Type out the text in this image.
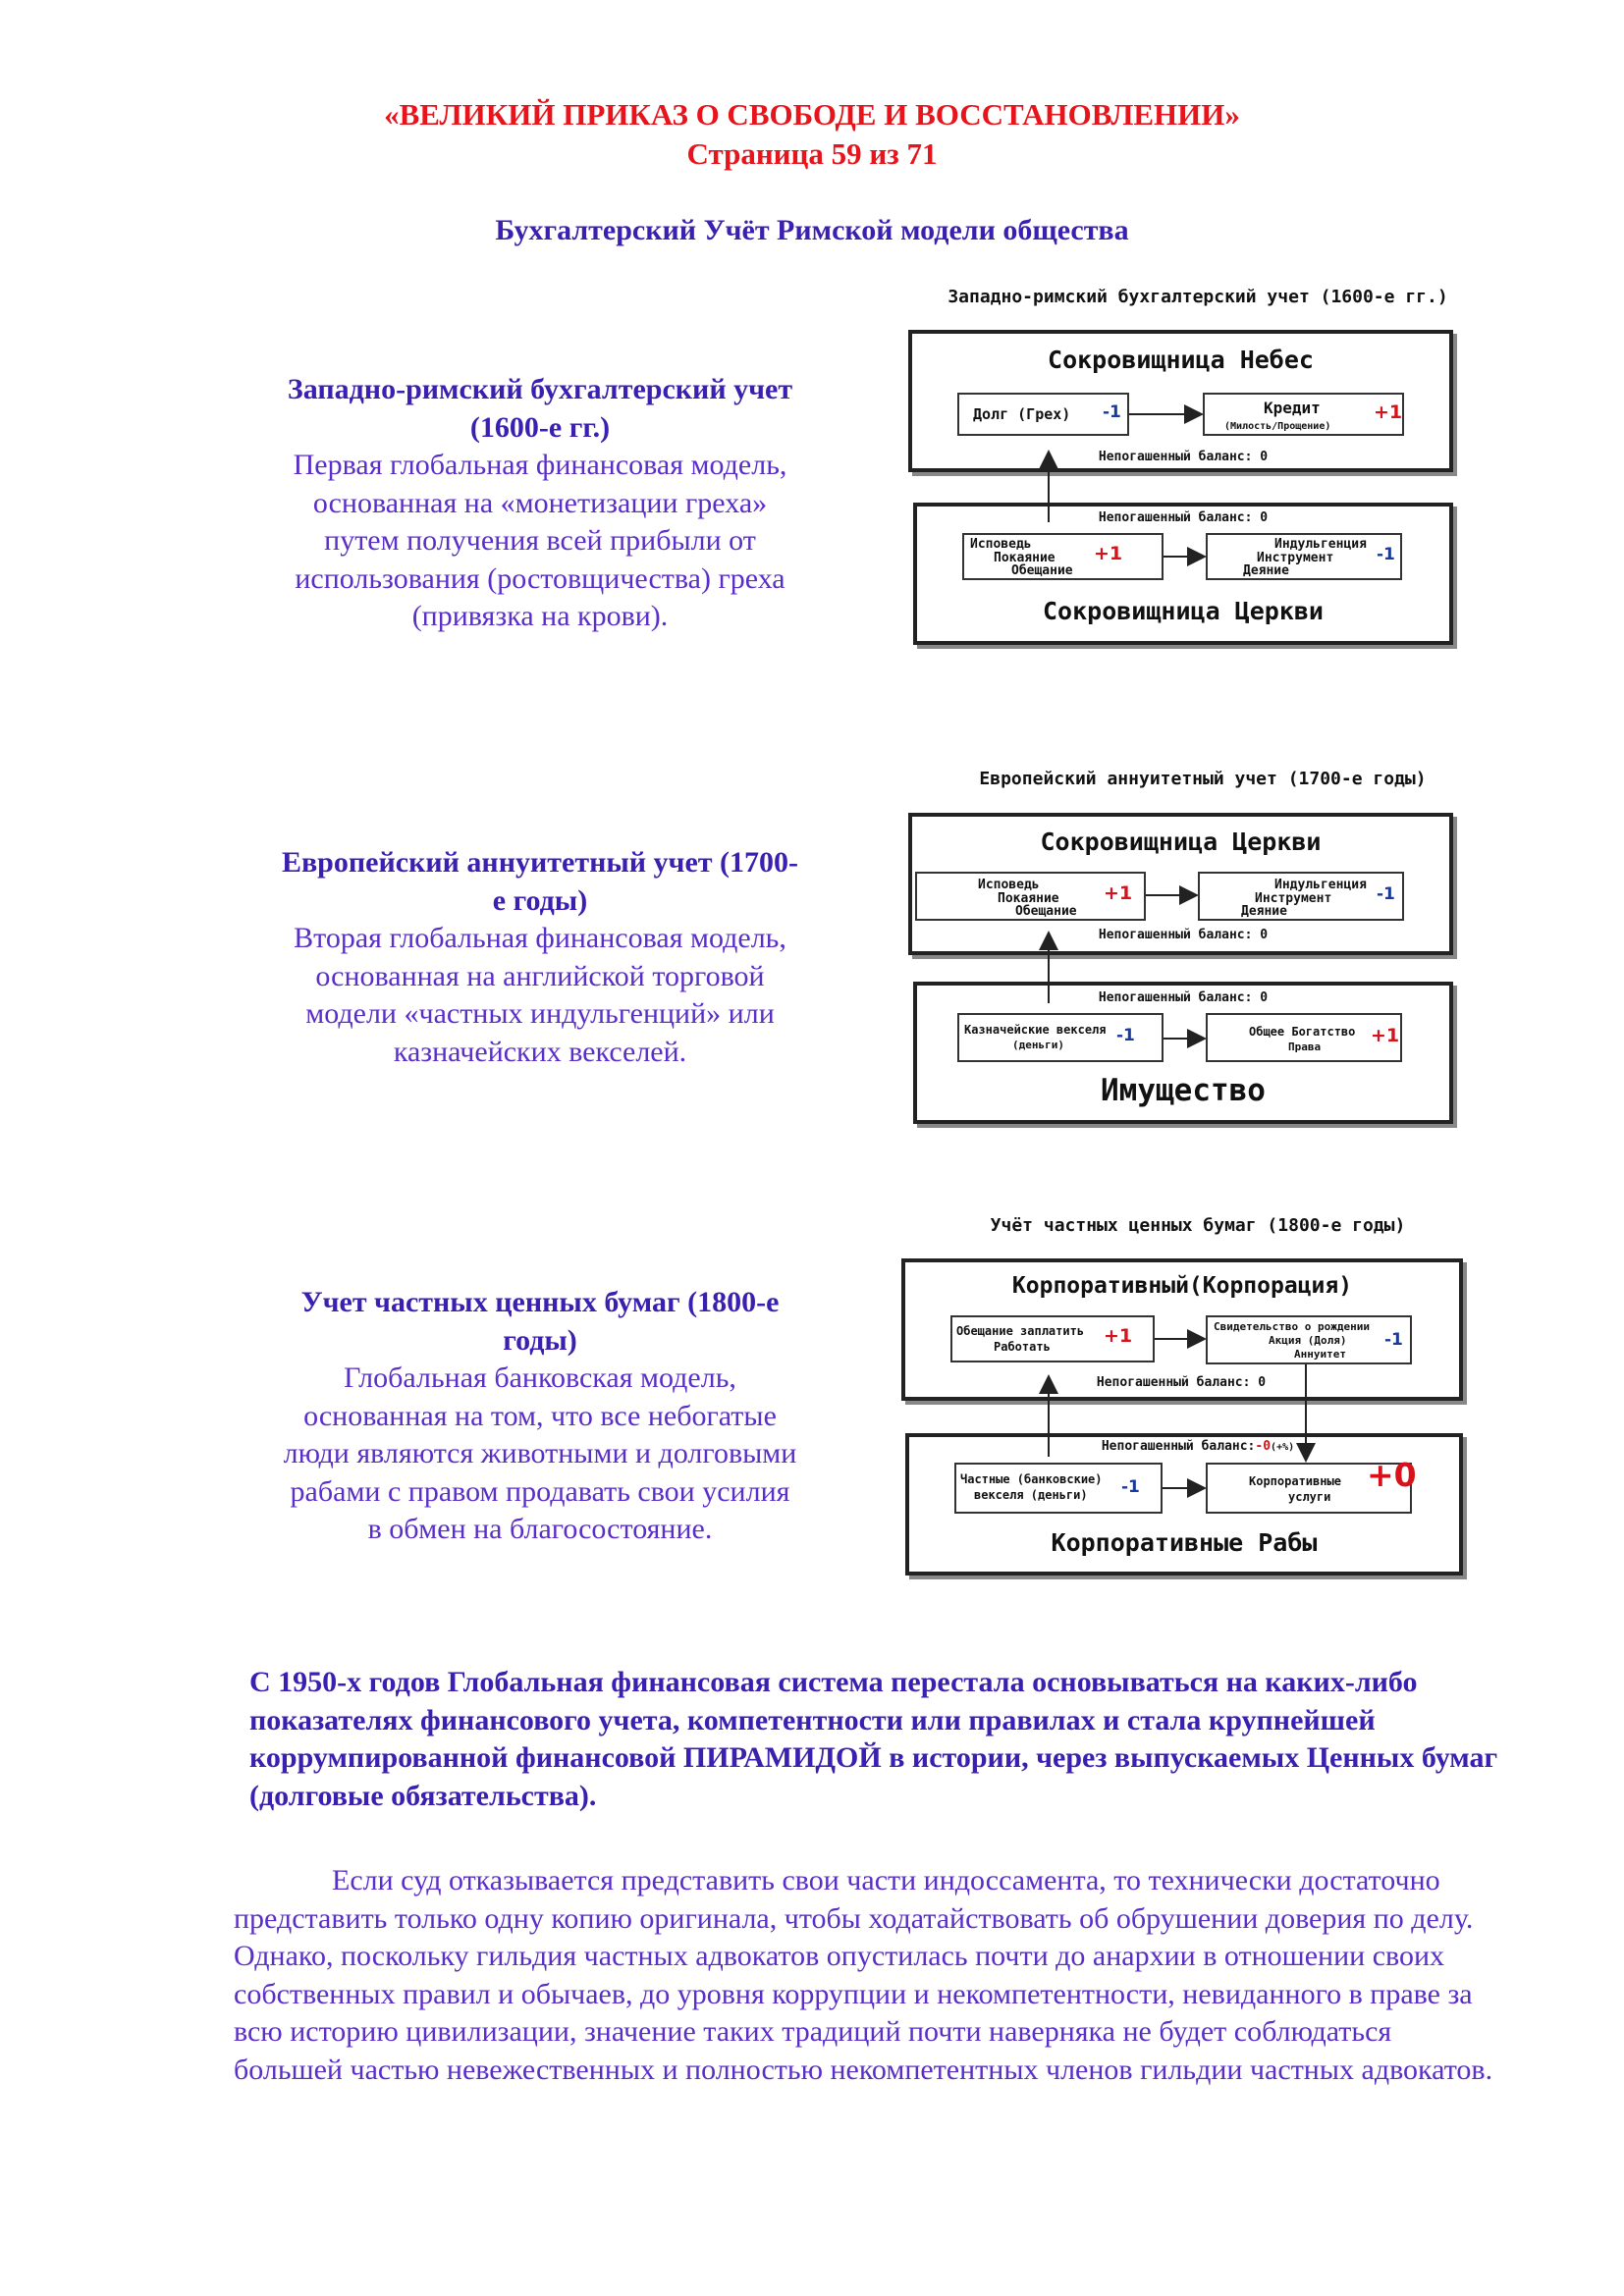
«ВЕЛИКИЙ ПРИКАЗ О СВОБОДЕ И ВОССТАНОВЛЕНИИ»
Страница 59 из 71
Бухгалтерский Учёт Римской модели общества
Западно-римский бухгалтерский учет
(1600-е гг.)
Первая глобальная финансовая модель,
основанная на «монетизации греха»
путем получения всей прибыли от
использования (ростовщичества) греха
(привязка на крови).
Западно-римский бухгалтерский учет (1600-е гг.)
Сокровищница Небес
Долг (Грех) -1	Кредит
(Милость/Прощение)
+1
Непогашенный баланс: 0
Непогашенный баланс: 0
Исповедь
Покаяние
Обещание
+1	Индульгенция
Инструмент
Деяние
-1
Сокровищница Церкви
Европейский аннуитетный учет (1700-
е годы)
Вторая глобальная финансовая модель,
основанная на английской торговой
модели «частных индульгенций» или
казначейских векселей.
Европейский аннуитетный учет (1700-е годы)
Сокровищница Церкви
Исповедь
Покаяние
Обещание
+1	Индульгенция
Инструмент
Деяние
-1
Непогашенный баланс: 0
Непогашенный баланс: 0
Казначейские векселя
(деньги)	-1	Общее Богатство
Права
+1
Имущество
Учет частных ценных бумаг (1800-е
годы)
Глобальная банковская модель,
основанная на том, что все небогатые
люди являются животными и долговыми
рабами с правом продавать свои усилия
в обмен на благосостояние.
Учёт частных ценных бумаг (1800-е годы)
Корпоративный(Корпорация)
Обещание заплатить
Работать	+1	Свидетельство о рождении
Акция (Доля)
Аннуитет
-1
Непогашенный баланс: 0
Непогашенный баланс:-0(+%)
Частные (банковские)
векселя (деньги) -1	Корпоративные
услуги
+0
Корпоративные Рабы
С 1950-х годов Глобальная финансовая система перестала основываться на каких-либо показателях финансового учета, компетентности или правилах и стала крупнейшей коррумпированной финансовой ПИРАМИДОЙ в истории, через выпускаемых Ценных бумаг (долговые обязательства).
Если суд отказывается представить свои части индоссамента, то технически достаточно представить только одну копию оригинала, чтобы ходатайствовать об обрушении доверия по делу. Однако, поскольку гильдия частных адвокатов опустилась почти до анархии в отношении своих собственных правил и обычаев, до уровня коррупции и некомпетентности, невиданного в праве за всю историю цивилизации, значение таких традиций почти наверняка не будет соблюдаться большей частью невежественных и полностью некомпетентных членов гильдии частных адвокатов.
